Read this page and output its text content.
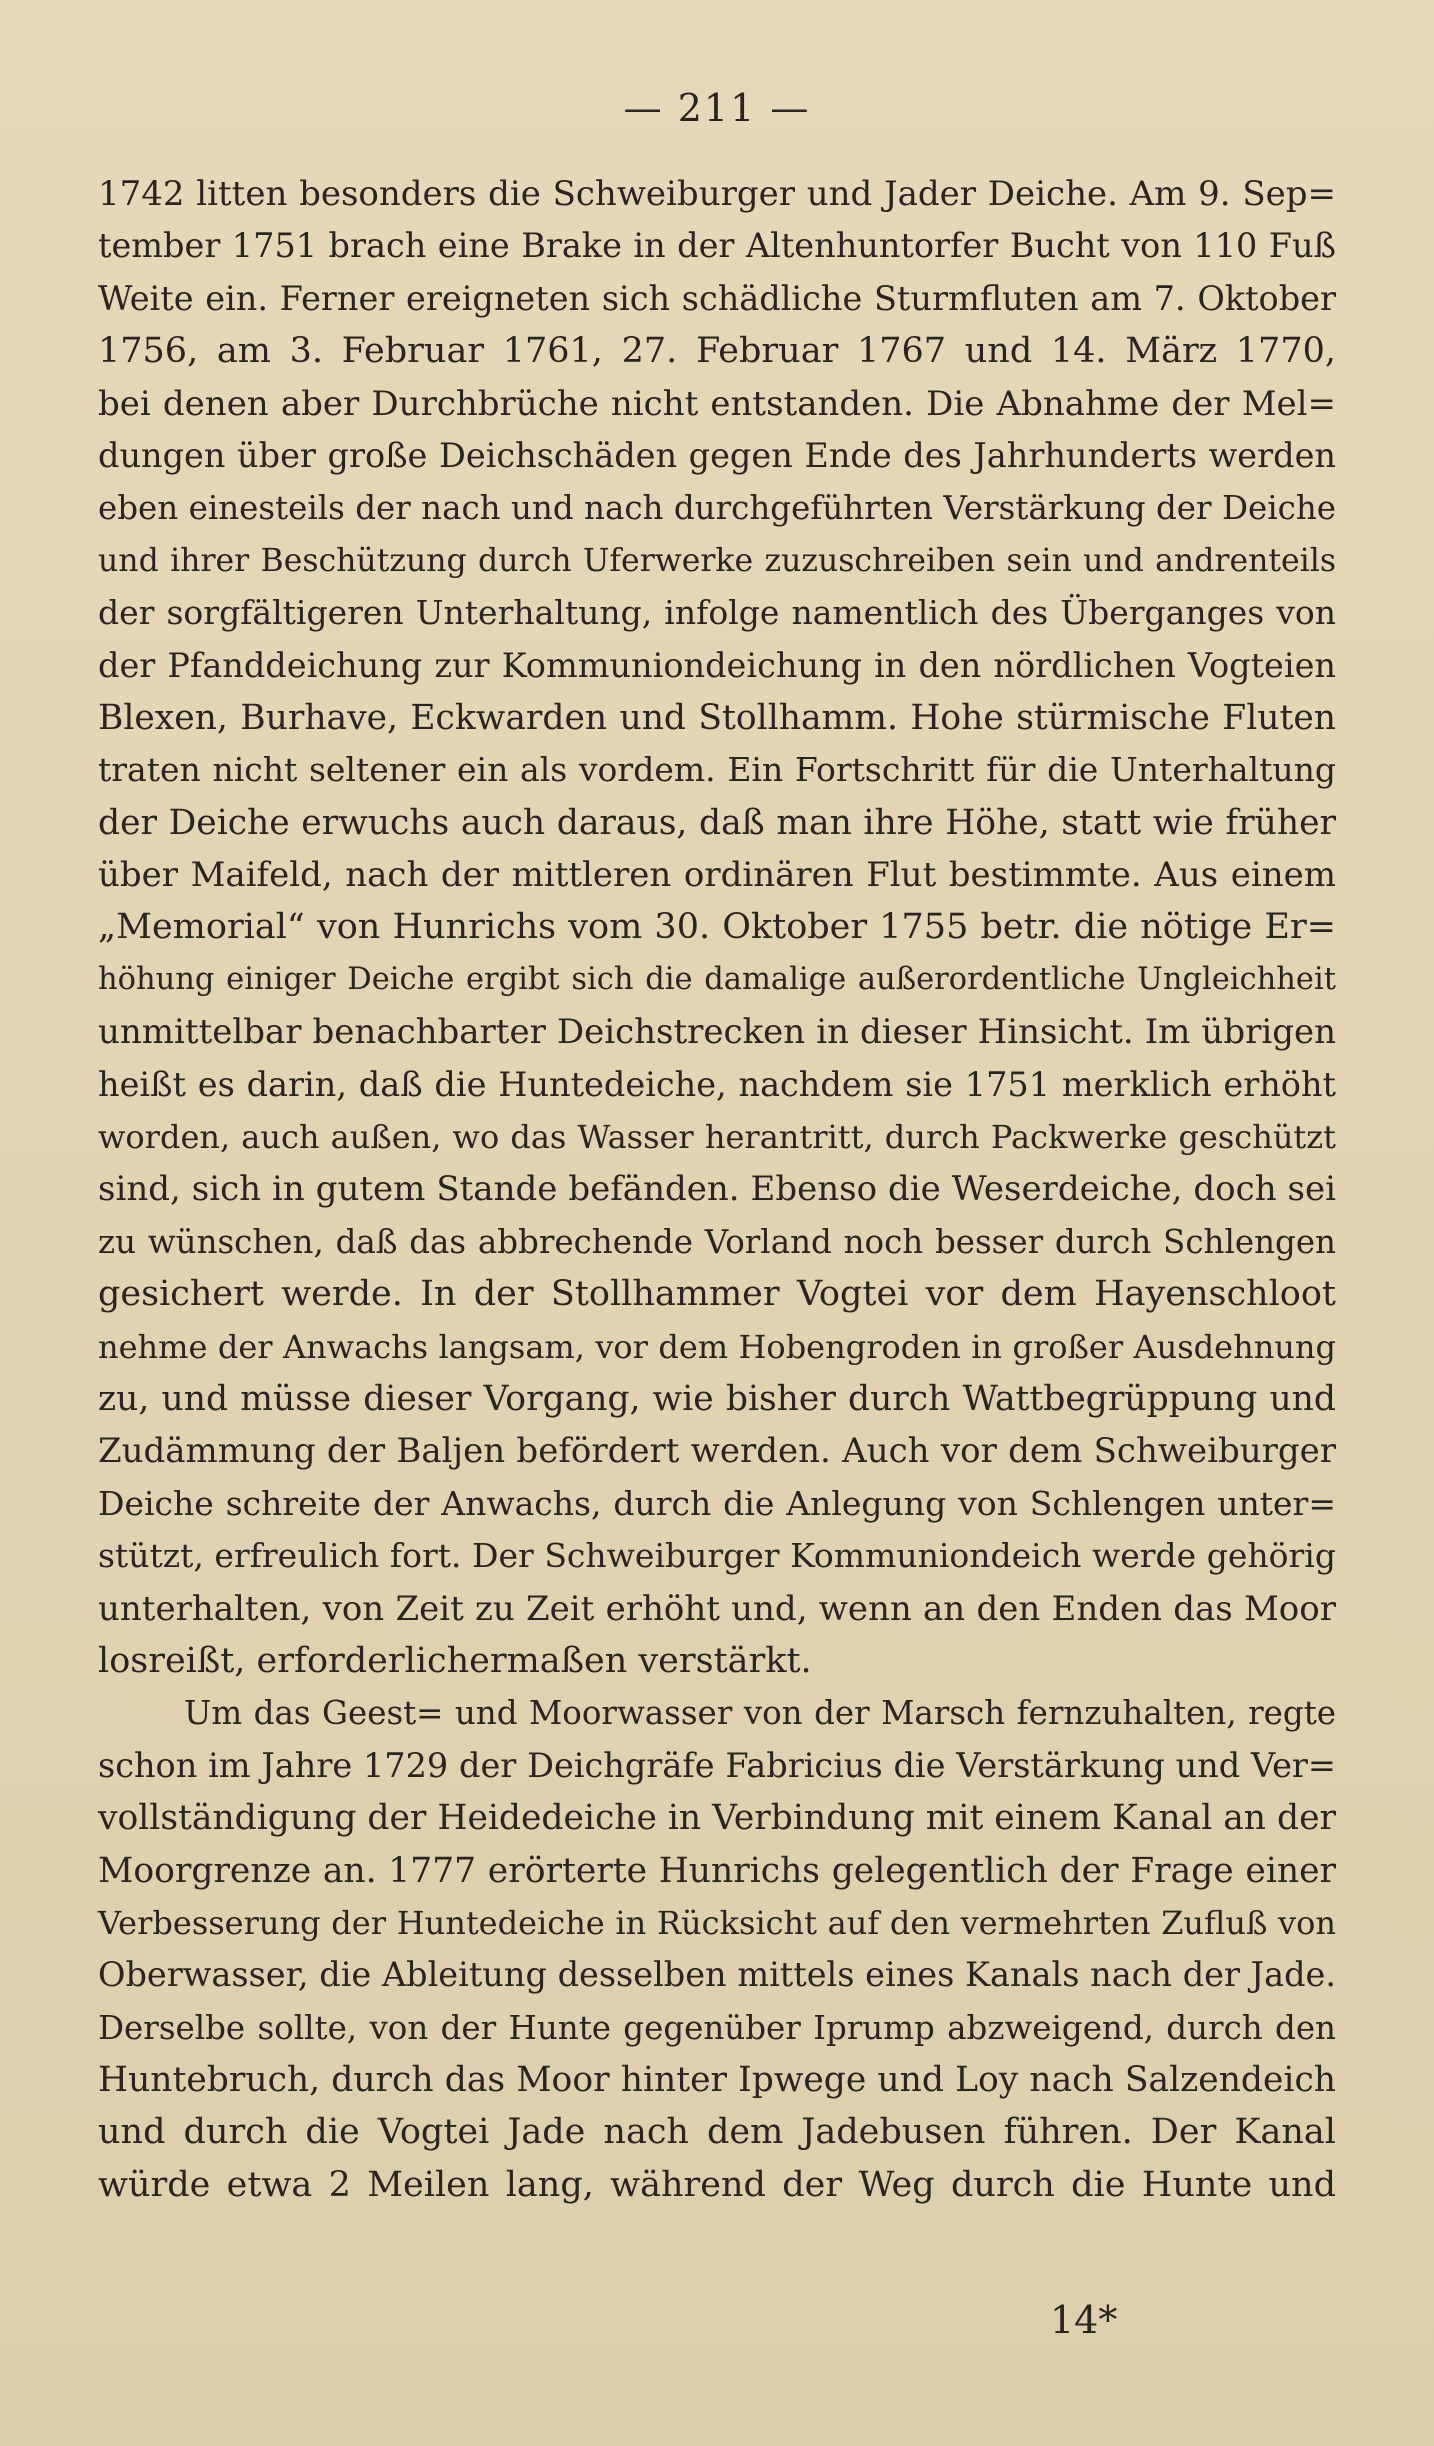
— 211 —
1742 litten besonders die Schweiburger und Jader Deiche. Am 9. Sep=
tember 1751 brach eine Brake in der Altenhuntorfer Bucht von 110 Fuß
Weite ein. Ferner ereigneten sich schädliche Sturmfluten am 7. Oktober
1756, am 3. Februar 1761, 27. Februar 1767 und 14. März 1770,
bei denen aber Durchbrüche nicht entstanden. Die Abnahme der Mel=
dungen über große Deichschäden gegen Ende des Jahrhunderts werden
eben einesteils der nach und nach durchgeführten Verstärkung der Deiche
und ihrer Beschützung durch Uferwerke zuzuschreiben sein und andrenteils
der sorgfältigeren Unterhaltung, infolge namentlich des Überganges von
der Pfanddeichung zur Kommuniondeichung in den nördlichen Vogteien
Blexen, Burhave, Eckwarden und Stollhamm. Hohe stürmische Fluten
traten nicht seltener ein als vordem. Ein Fortschritt für die Unterhaltung
der Deiche erwuchs auch daraus, daß man ihre Höhe, statt wie früher
über Maifeld, nach der mittleren ordinären Flut bestimmte. Aus einem
„Memorial“ von Hunrichs vom 30. Oktober 1755 betr. die nötige Er=
höhung einiger Deiche ergibt sich die damalige außerordentliche Ungleichheit
unmittelbar benachbarter Deichstrecken in dieser Hinsicht. Im übrigen
heißt es darin, daß die Huntedeiche, nachdem sie 1751 merklich erhöht
worden, auch außen, wo das Wasser herantritt, durch Packwerke geschützt
sind, sich in gutem Stande befänden. Ebenso die Weserdeiche, doch sei
zu wünschen, daß das abbrechende Vorland noch besser durch Schlengen
gesichert werde. In der Stollhammer Vogtei vor dem Hayenschloot
nehme der Anwachs langsam, vor dem Hobengroden in großer Ausdehnung
zu, und müsse dieser Vorgang, wie bisher durch Wattbegrüppung und
Zudämmung der Baljen befördert werden. Auch vor dem Schweiburger
Deiche schreite der Anwachs, durch die Anlegung von Schlengen unter=
stützt, erfreulich fort. Der Schweiburger Kommuniondeich werde gehörig
unterhalten, von Zeit zu Zeit erhöht und, wenn an den Enden das Moor
losreißt, erforderlichermaßen verstärkt.
Um das Geest= und Moorwasser von der Marsch fernzuhalten, regte
schon im Jahre 1729 der Deichgräfe Fabricius die Verstärkung und Ver=
vollständigung der Heidedeiche in Verbindung mit einem Kanal an der
Moorgrenze an. 1777 erörterte Hunrichs gelegentlich der Frage einer
Verbesserung der Huntedeiche in Rücksicht auf den vermehrten Zufluß von
Oberwasser, die Ableitung desselben mittels eines Kanals nach der Jade.
Derselbe sollte, von der Hunte gegenüber Iprump abzweigend, durch den
Huntebruch, durch das Moor hinter Ipwege und Loy nach Salzendeich
und durch die Vogtei Jade nach dem Jadebusen führen. Der Kanal
würde etwa 2 Meilen lang, während der Weg durch die Hunte und
14*
